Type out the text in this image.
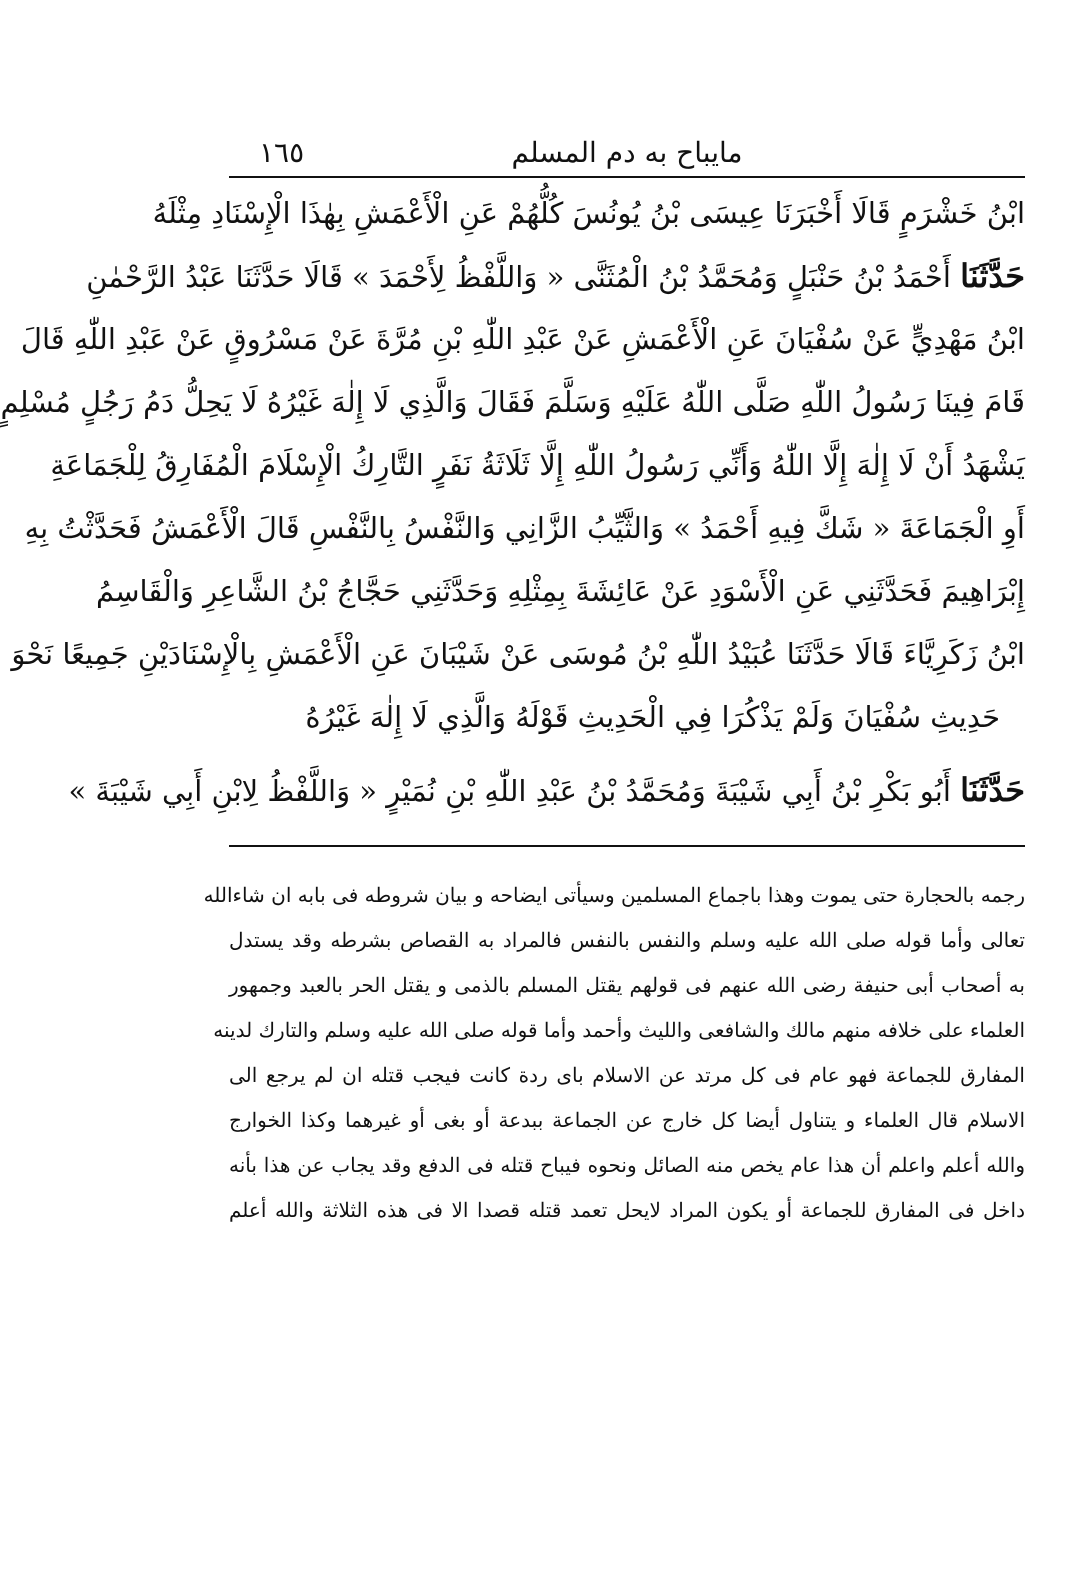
مايباح به دم المسلم
١٦٥
ابْنُ خَشْرَمٍ قَالَا أَخْبَرَنَا عِيسَى بْنُ يُونُسَ كُلُّهُمْ عَنِ الْأَعْمَشِ بِهٰذَا الْإِسْنَادِ مِثْلَهُ
حَدَّثَنَا أَحْمَدُ بْنُ حَنْبَلٍ وَمُحَمَّدُ بْنُ الْمُثَنَّى « وَاللَّفْظُ لِأَحْمَدَ » قَالَا حَدَّثَنَا عَبْدُ الرَّحْمٰنِ
ابْنُ مَهْدِيٍّ عَنْ سُفْيَانَ عَنِ الْأَعْمَشِ عَنْ عَبْدِ اللّٰهِ بْنِ مُرَّةَ عَنْ مَسْرُوقٍ عَنْ عَبْدِ اللّٰهِ قَالَ
قَامَ فِينَا رَسُولُ اللّٰهِ صَلَّى اللّٰهُ عَلَيْهِ وَسَلَّمَ فَقَالَ وَالَّذِي لَا إِلٰهَ غَيْرُهُ لَا يَحِلُّ دَمُ رَجُلٍ مُسْلِمٍ
يَشْهَدُ أَنْ لَا إِلٰهَ إِلَّا اللّٰهُ وَأَنِّي رَسُولُ اللّٰهِ إِلَّا ثَلَاثَةُ نَفَرٍ التَّارِكُ الْإِسْلَامَ الْمُفَارِقُ لِلْجَمَاعَةِ
أَوِ الْجَمَاعَةَ « شَكَّ فِيهِ أَحْمَدُ » وَالثَّيِّبُ الزَّانِي وَالنَّفْسُ بِالنَّفْسِ قَالَ الْأَعْمَشُ فَحَدَّثْتُ بِهِ
إِبْرَاهِيمَ فَحَدَّثَنِي عَنِ الْأَسْوَدِ عَنْ عَائِشَةَ بِمِثْلِهِ وَحَدَّثَنِي حَجَّاجُ بْنُ الشَّاعِرِ وَالْقَاسِمُ
ابْنُ زَكَرِيَّاءَ قَالَا حَدَّثَنَا عُبَيْدُ اللّٰهِ بْنُ مُوسَى عَنْ شَيْبَانَ عَنِ الْأَعْمَشِ بِالْإِسْنَادَيْنِ جَمِيعًا نَحْوَ
حَدِيثِ سُفْيَانَ وَلَمْ يَذْكُرَا فِي الْحَدِيثِ قَوْلَهُ وَالَّذِي لَا إِلٰهَ غَيْرُهُ
حَدَّثَنَا أَبُو بَكْرِ بْنُ أَبِي شَيْبَةَ وَمُحَمَّدُ بْنُ عَبْدِ اللّٰهِ بْنِ نُمَيْرٍ « وَاللَّفْظُ لِابْنِ أَبِي شَيْبَةَ »
رجمه بالحجارة حتى يموت وهذا باجماع المسلمين وسيأتى ايضاحه و بيان شروطه فى بابه ان شاءالله
تعالى وأما قوله صلى الله عليه وسلم والنفس بالنفس فالمراد به القصاص بشرطه وقد يستدل
به أصحاب أبى حنيفة رضى الله عنهم فى قولهم يقتل المسلم بالذمى و يقتل الحر بالعبد وجمهور
العلماء على خلافه منهم مالك والشافعى والليث وأحمد وأما قوله صلى الله عليه وسلم والتارك لدينه
المفارق للجماعة فهو عام فى كل مرتد عن الاسلام باى ردة كانت فيجب قتله ان لم يرجع الى
الاسلام قال العلماء و يتناول أيضا كل خارج عن الجماعة ببدعة أو بغى أو غيرهما وكذا الخوارج
والله أعلم واعلم أن هذا عام يخص منه الصائل ونحوه فيباح قتله فى الدفع وقد يجاب عن هذا بأنه
داخل فى المفارق للجماعة أو يكون المراد لايحل تعمد قتله قصدا الا فى هذه الثلاثة والله أعلم
